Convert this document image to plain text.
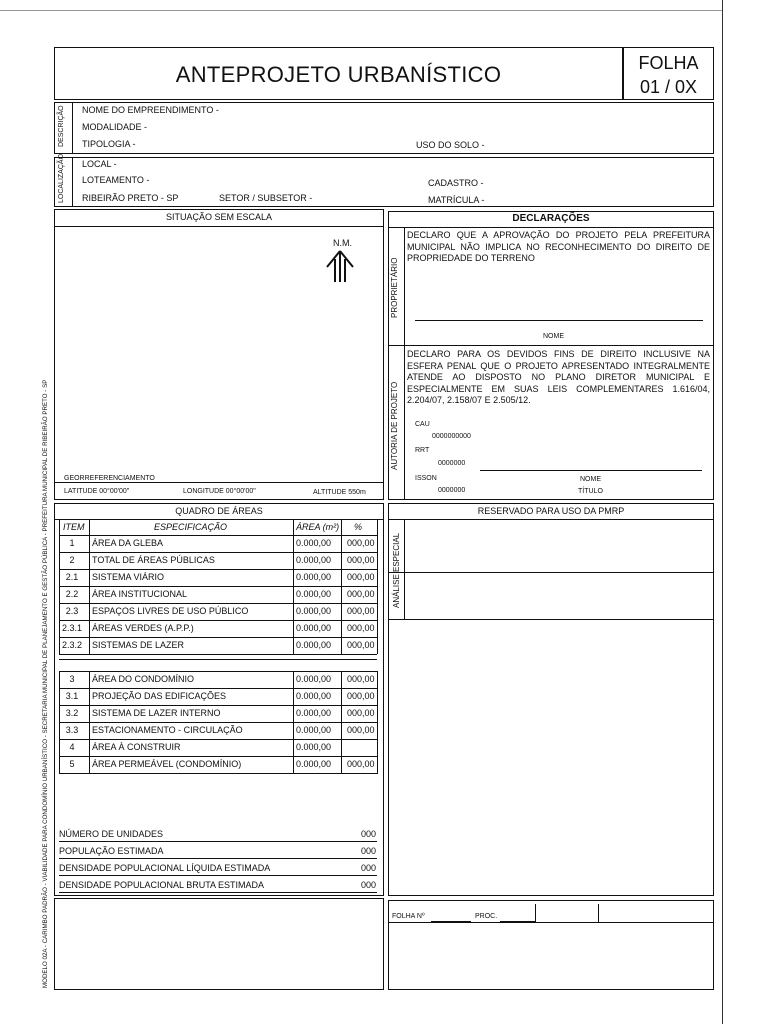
MODELO 02A - CARIMBO PADRÃO - VIABILIDADE PARA CONDOMÍNIO URBANÍSTICO - SECRETARIA MUNICIPAL DE PLANEJAMENTO E GESTÃO PÚBLICA - PREFEITURA MUNICIPAL DE RIBEIRÃO PRETO - SP
ANTEPROJETO URBANÍSTICO	FOLHA
01 / 0X
DESCRIÇÃO NOME DO EMPREENDIMENTO -
MODALIDADE -
TIPOLOGIA -	USO DO SOLO -
LOCALIZAÇÃO LOCAL -
LOTEAMENTO -
RIBEIRÃO PRETO - SP	SETOR / SUBSETOR -
CADASTRO -
MATRÍCULA -
SITUAÇÃO SEM ESCALA
N.M.
GEORREFERENCIAMENTO
LATITUDE 00°00'00"	LONGITUDE 00°00'00"	ALTITUDE 550m
DECLARAÇÕES
PROPRIETÁRIO
DECLARO QUE A APROVAÇÃO DO PROJETO PELA PREFEITURA MUNICIPAL NÃO IMPLICA NO RECONHECIMENTO DO DIREITO DE PROPRIEDADE DO TERRENO
NOME
AUTORIA DE PROJETO
DECLARO PARA OS DEVIDOS FINS DE DIREITO INCLUSIVE NA ESFERA PENAL QUE O PROJETO APRESENTADO INTEGRALMENTE ATENDE AO DISPOSTO NO PLANO DIRETOR MUNICIPAL E ESPECIALMENTE EM SUAS LEIS COMPLEMENTARES 1.616/04, 2.204/07, 2.158/07 E 2.505/12.
CAU
0000000000
RRT
0000000
ISSON
0000000
NOME
TÍTULO
QUADRO DE ÁREAS
ITEM	ESPECIFICAÇÃO	ÁREA (m²) %
1	ÁREA DA GLEBA	0.000,00 000,00
2	TOTAL DE ÁREAS PÚBLICAS	0.000,00 000,00
2.1	SISTEMA VIÁRIO	0.000,00 000,00
2.2	ÁREA INSTITUCIONAL	0.000,00 000,00
2.3	ESPAÇOS LIVRES DE USO PÚBLICO	0.000,00 000,00
2.3.1 ÁREAS VERDES (A.P.P.)	0.000,00 000,00
2.3.2 SISTEMAS DE LAZER	0.000,00 000,00
3	ÁREA DO CONDOMÍNIO	0.000,00 000,00
3.1	PROJEÇÃO DAS EDIFICAÇÕES	0.000,00 000,00
3.2	SISTEMA DE LAZER INTERNO	0.000,00 000,00
3.3	ESTACIONAMENTO - CIRCULAÇÃO	0.000,00 000,00
4	ÁREA À CONSTRUIR	0.000,00
5	ÁREA PERMEÁVEL (CONDOMÍNIO)	0.000,00 000,00
NÚMERO DE UNIDADES	000
POPULAÇÃO ESTIMADA	000
DENSIDADE POPULACIONAL LÍQUIDA ESTIMADA	000
DENSIDADE POPULACIONAL BRUTA ESTIMADA	000
RESERVADO PARA USO DA PMRP
ANÁLISE ESPECIAL
FOLHA Nº	PROC.
